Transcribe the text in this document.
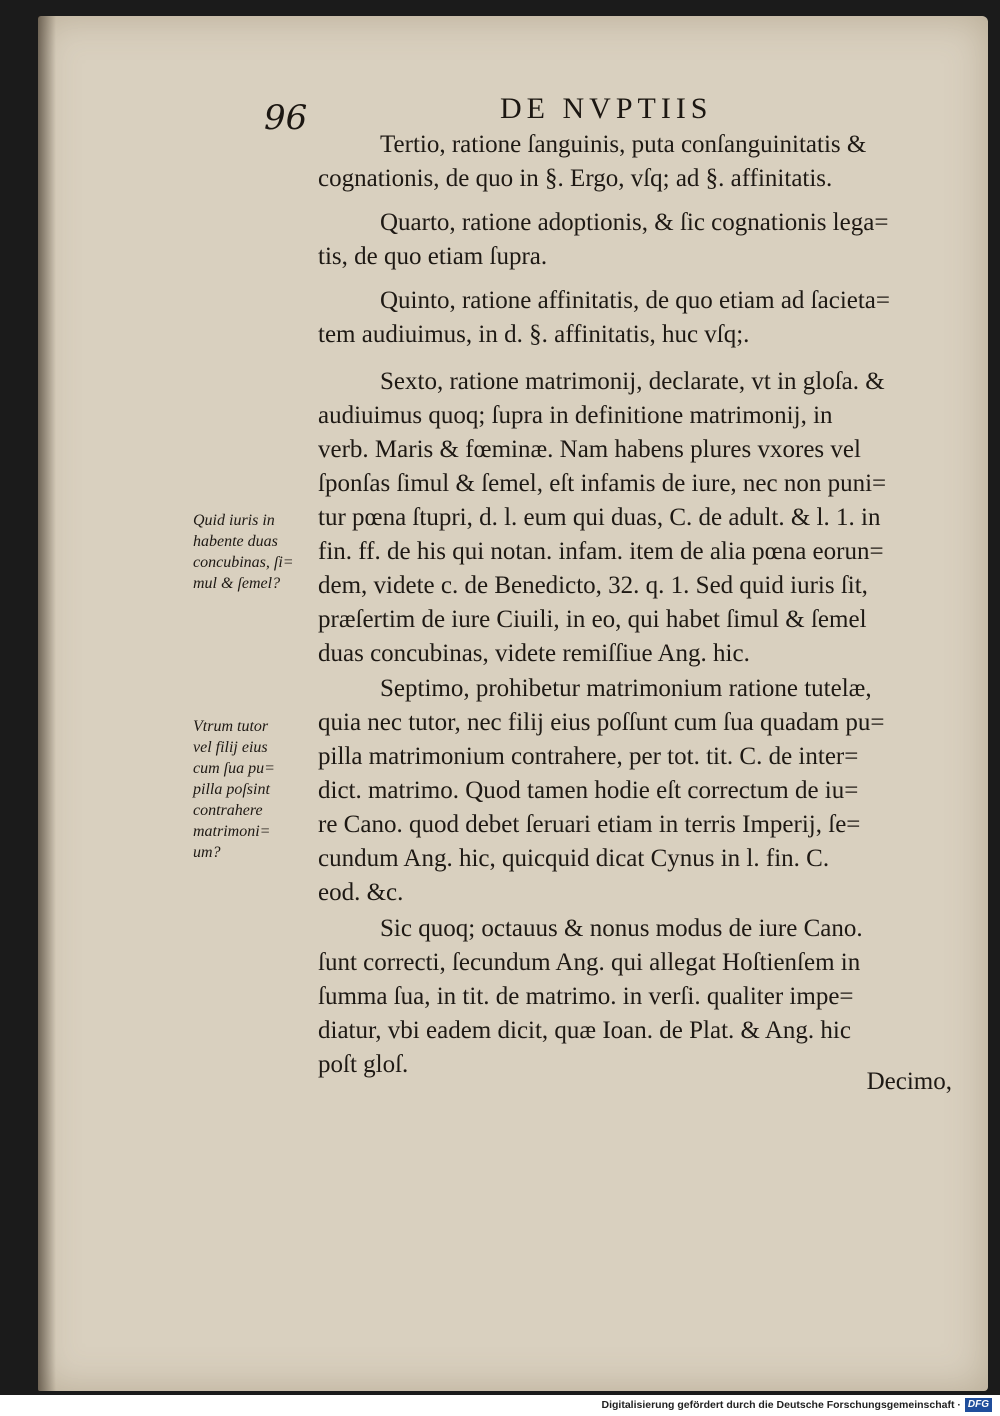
96	DE NVPTIIS

Tertio, ratione ſanguinis, puta conſanguinitatis &
cognationis, de quo in §. Ergo, vſq; ad §. affinitatis.

Quarto, ratione adoptionis, & ſic cognationis lega=
tis, de quo etiam ſupra.

Quinto, ratione affinitatis, de quo etiam ad ſacieta=
tem audiuimus, in d. §. affinitatis, huc vſq;.

Sexto, ratione matrimonij, declarate, vt in gloſa. &
audiuimus quoq; ſupra in definitione matrimonij, in
verb. Maris & fœminæ. Nam habens plures vxores vel
ſponſas ſimul & ſemel, eſt infamis de iure, nec non puni=
tur pœna ſtupri, d. l. eum qui duas, C. de adult. & l. 1. in
fin. ff. de his qui notan. infam. item de alia pœna eorun=
dem, videte c. de Benedicto, 32. q. 1. Sed quid iuris ſit,
præſertim de iure Ciuili, in eo, qui habet ſimul & ſemel
duas concubinas, videte remiſſiue Ang. hic.

Septimo, prohibetur matrimonium ratione tutelæ,
quia nec tutor, nec filij eius poſſunt cum ſua quadam pu=
pilla matrimonium contrahere, per tot. tit. C. de inter=
dict. matrimo. Quod tamen hodie eſt correctum de iu=
re Cano. quod debet ſeruari etiam in terris Imperij, ſe=
cundum Ang. hic, quicquid dicat Cynus in l. fin. C.
eod. &c.

Sic quoq; octauus & nonus modus de iure Cano.
ſunt correcti, ſecundum Ang. qui allegat Hoſtienſem in
ſumma ſua, in tit. de matrimo. in verſi. qualiter impe=
diatur, vbi eadem dicit, quæ Ioan. de Plat. & Ang. hic
poſt gloſ.

Decimo,

Quid iuris in
habente duas
concubinas, ſi=
mul & ſemel?

Vtrum tutor
vel filij eius
cum ſua pu=
pilla poſsint
contrahere
matrimoni=
um?

Digitalisierung gefördert durch die Deutsche Forschungsgemeinschaft · DFG
